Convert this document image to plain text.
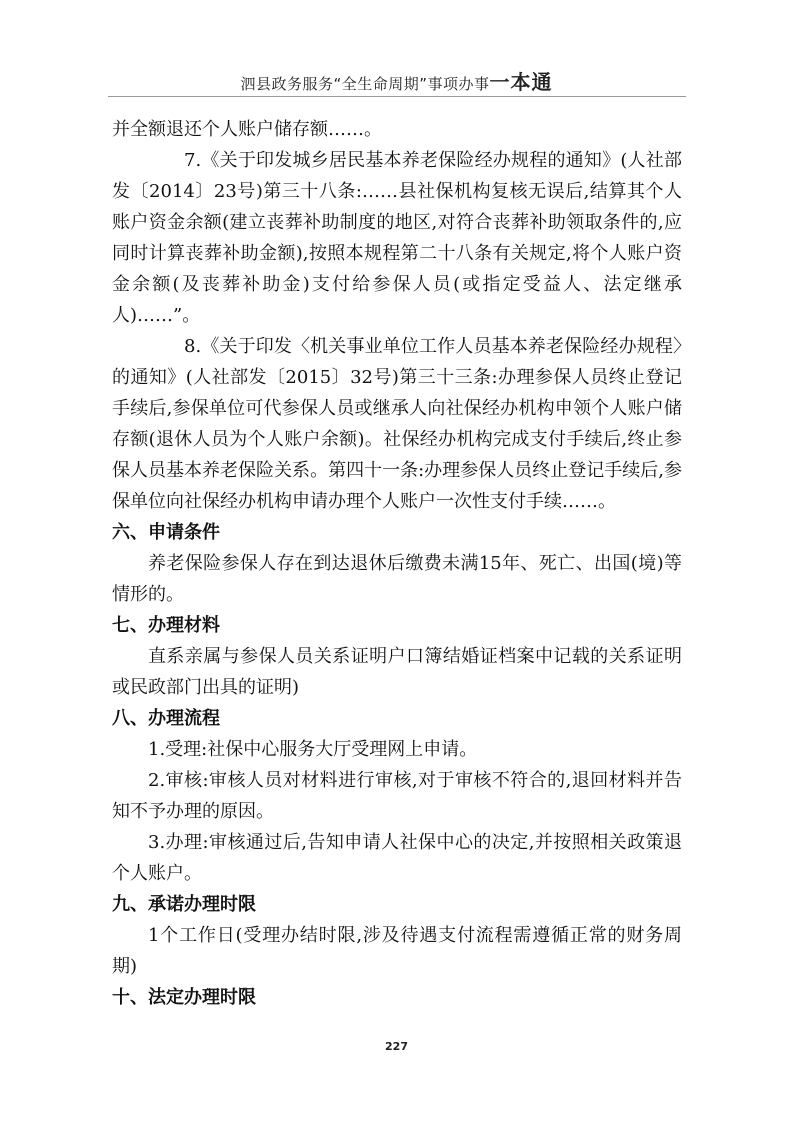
泗县政务服务“全生命周期”事项办事一本通

并全额退还个人账户储存额……。

7.《关于印发城乡居民基本养老保险经办规程的通知》(人社部发〔2014〕23号)第三十八条:……县社保机构复核无误后,结算其个人账户资金余额(建立丧葬补助制度的地区,对符合丧葬补助领取条件的,应同时计算丧葬补助金额),按照本规程第二十八条有关规定,将个人账户资金余额(及丧葬补助金)支付给参保人员(或指定受益人、法定继承人)……”。

8.《关于印发〈机关事业单位工作人员基本养老保险经办规程〉的通知》(人社部发〔2015〕32号)第三十三条:办理参保人员终止登记手续后,参保单位可代参保人员或继承人向社保经办机构申领个人账户储存额(退休人员为个人账户余额)。社保经办机构完成支付手续后,终止参保人员基本养老保险关系。第四十一条:办理参保人员终止登记手续后,参保单位向社保经办机构申请办理个人账户一次性支付手续……。

六、申请条件

养老保险参保人存在到达退休后缴费未满15年、死亡、出国(境)等情形的。

七、办理材料

直系亲属与参保人员关系证明户口簿结婚证档案中记载的关系证明或民政部门出具的证明)

八、办理流程

1.受理:社保中心服务大厅受理网上申请。

2.审核:审核人员对材料进行审核,对于审核不符合的,退回材料并告知不予办理的原因。

3.办理:审核通过后,告知申请人社保中心的决定,并按照相关政策退个人账户。

九、承诺办理时限

1个工作日(受理办结时限,涉及待遇支付流程需遵循正常的财务周期)

十、法定办理时限

227
